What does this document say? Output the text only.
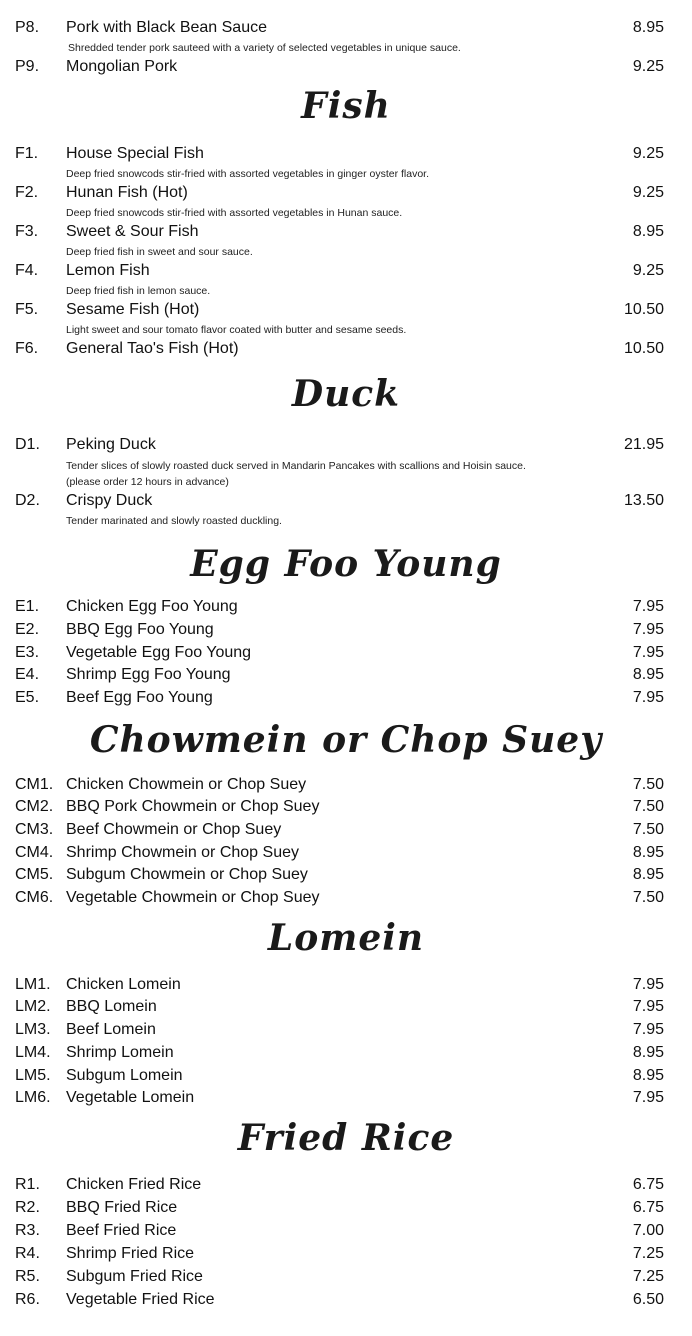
P8. Pork with Black Bean Sauce	8.95
Shredded tender pork sauteed with a variety of selected vegetables in unique sauce.
P9. Mongolian Pork	9.25
Fish
F1. House Special Fish	9.25
Deep fried snowcods stir-fried with assorted vegetables in ginger oyster flavor.
F2. Hunan Fish (Hot)	9.25
Deep fried snowcods stir-fried with assorted vegetables in Hunan sauce.
F3. Sweet & Sour Fish	8.95
Deep fried fish in sweet and sour sauce.
F4. Lemon Fish	9.25
Deep fried fish in lemon sauce.
F5. Sesame Fish (Hot)	10.50
Light sweet and sour tomato flavor coated with butter and sesame seeds.
F6. General Tao's Fish (Hot)	10.50
Duck
D1. Peking Duck	21.95
Tender slices of slowly roasted duck served in Mandarin Pancakes with scallions and Hoisin sauce.
(please order 12 hours in advance)
D2. Crispy Duck	13.50
Tender marinated and slowly roasted duckling.
Egg Foo Young
E1. Chicken Egg Foo Young	7.95
E2. BBQ Egg Foo Young	7.95
E3. Vegetable Egg Foo Young	7.95
E4. Shrimp Egg Foo Young	8.95
E5. Beef Egg Foo Young	7.95
Chowmein or Chop Suey
CM1. Chicken Chowmein or Chop Suey	7.50
CM2. BBQ Pork Chowmein or Chop Suey	7.50
CM3. Beef Chowmein or Chop Suey	7.50
CM4. Shrimp Chowmein or Chop Suey	8.95
CM5. Subgum Chowmein or Chop Suey	8.95
CM6. Vegetable Chowmein or Chop Suey	7.50
Lomein
LM1. Chicken Lomein	7.95
LM2. BBQ Lomein	7.95
LM3. Beef Lomein	7.95
LM4. Shrimp Lomein	8.95
LM5. Subgum Lomein	8.95
LM6. Vegetable Lomein	7.95
Fried Rice
R1. Chicken Fried Rice	6.75
R2. BBQ Fried Rice	6.75
R3. Beef Fried Rice	7.00
R4. Shrimp Fried Rice	7.25
R5. Subgum Fried Rice	7.25
R6. Vegetable Fried Rice	6.50
